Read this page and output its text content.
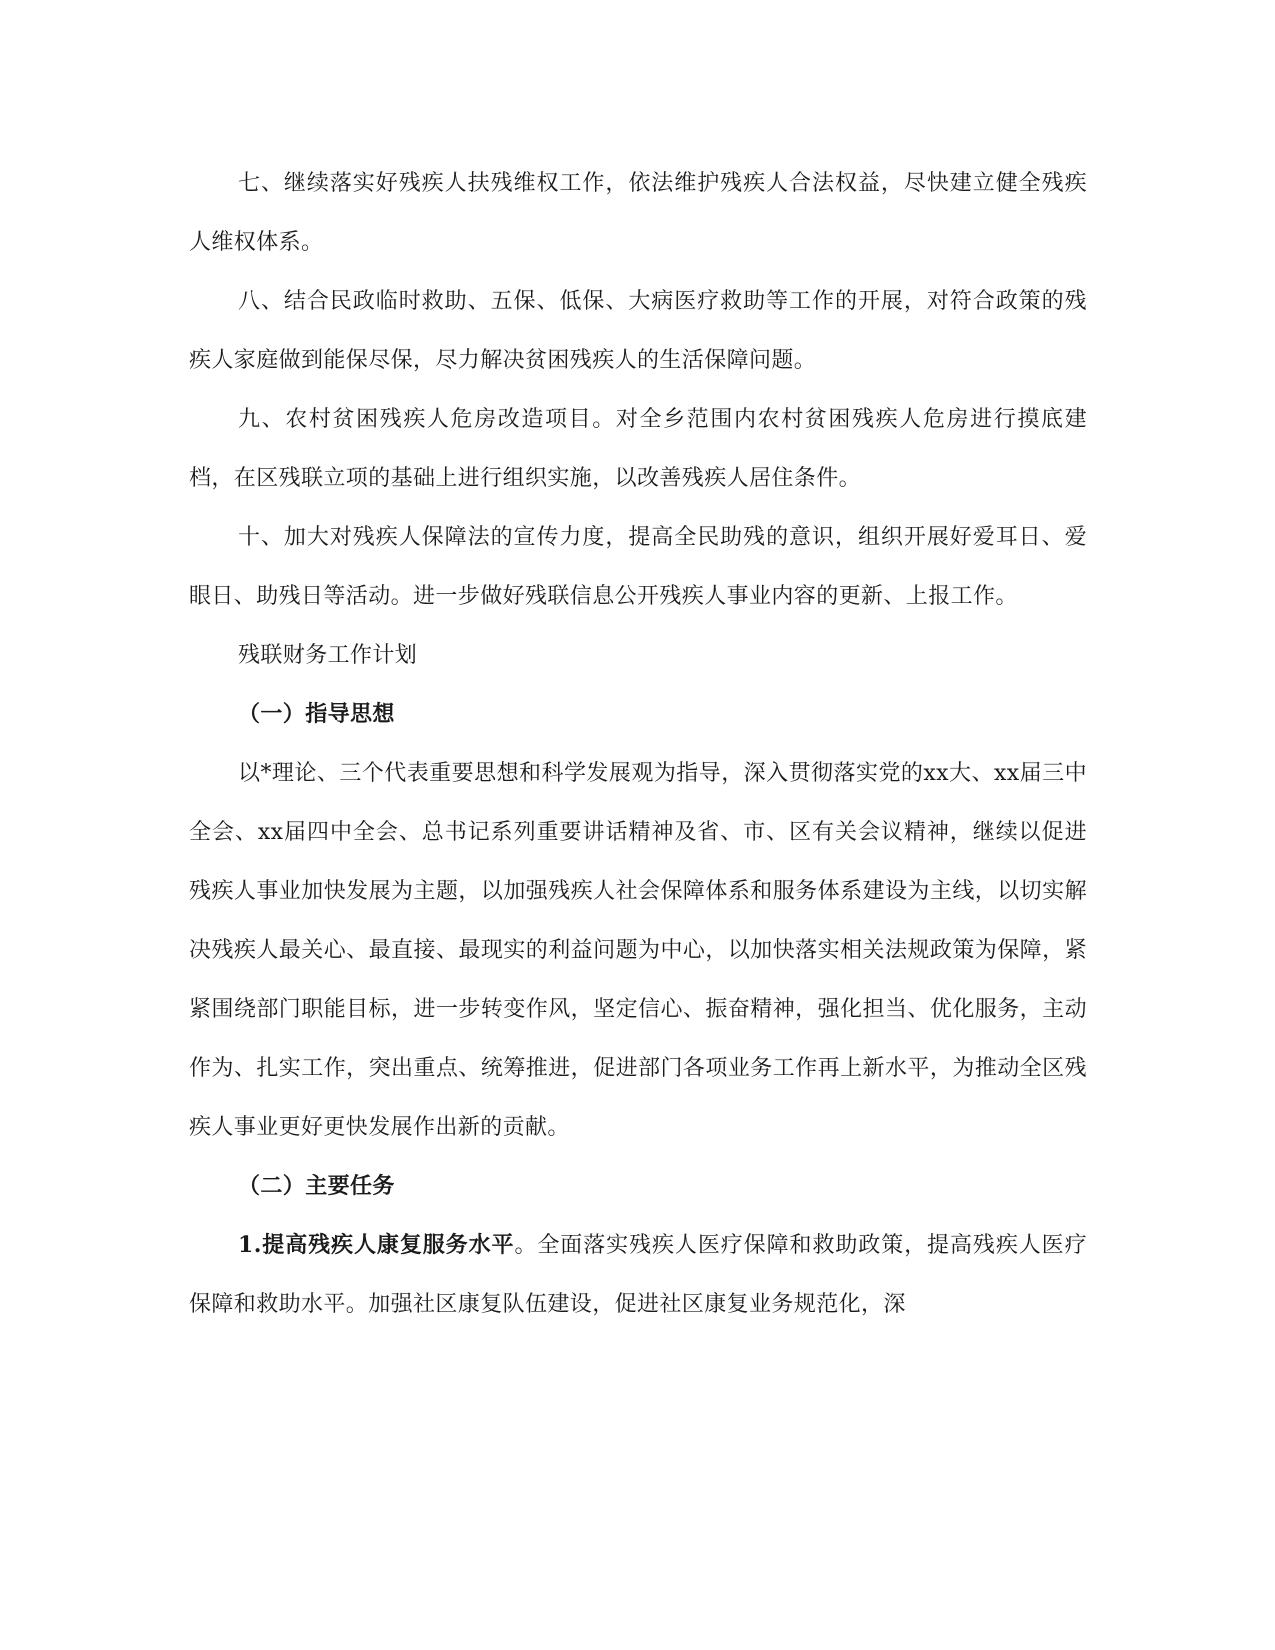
七、继续落实好残疾人扶残维权工作，依法维护残疾人合法权益，尽快建立健全残疾人维权体系。

八、结合民政临时救助、五保、低保、大病医疗救助等工作的开展，对符合政策的残疾人家庭做到能保尽保，尽力解决贫困残疾人的生活保障问题。

九、农村贫困残疾人危房改造项目。对全乡范围内农村贫困残疾人危房进行摸底建档，在区残联立项的基础上进行组织实施，以改善残疾人居住条件。

十、加大对残疾人保障法的宣传力度，提高全民助残的意识，组织开展好爱耳日、爱眼日、助残日等活动。进一步做好残联信息公开残疾人事业内容的更新、上报工作。

残联财务工作计划

（一）指导思想

以*理论、三个代表重要思想和科学发展观为指导，深入贯彻落实党的xx大、xx届三中全会、xx届四中全会、总书记系列重要讲话精神及省、市、区有关会议精神，继续以促进残疾人事业加快发展为主题，以加强残疾人社会保障体系和服务体系建设为主线，以切实解决残疾人最关心、最直接、最现实的利益问题为中心，以加快落实相关法规政策为保障，紧紧围绕部门职能目标，进一步转变作风，坚定信心、振奋精神，强化担当、优化服务，主动作为、扎实工作，突出重点、统筹推进，促进部门各项业务工作再上新水平，为推动全区残疾人事业更好更快发展作出新的贡献。

（二）主要任务

1.提高残疾人康复服务水平。全面落实残疾人医疗保障和救助政策，提高残疾人医疗保障和救助水平。加强社区康复队伍建设，促进社区康复业务规范化，深
